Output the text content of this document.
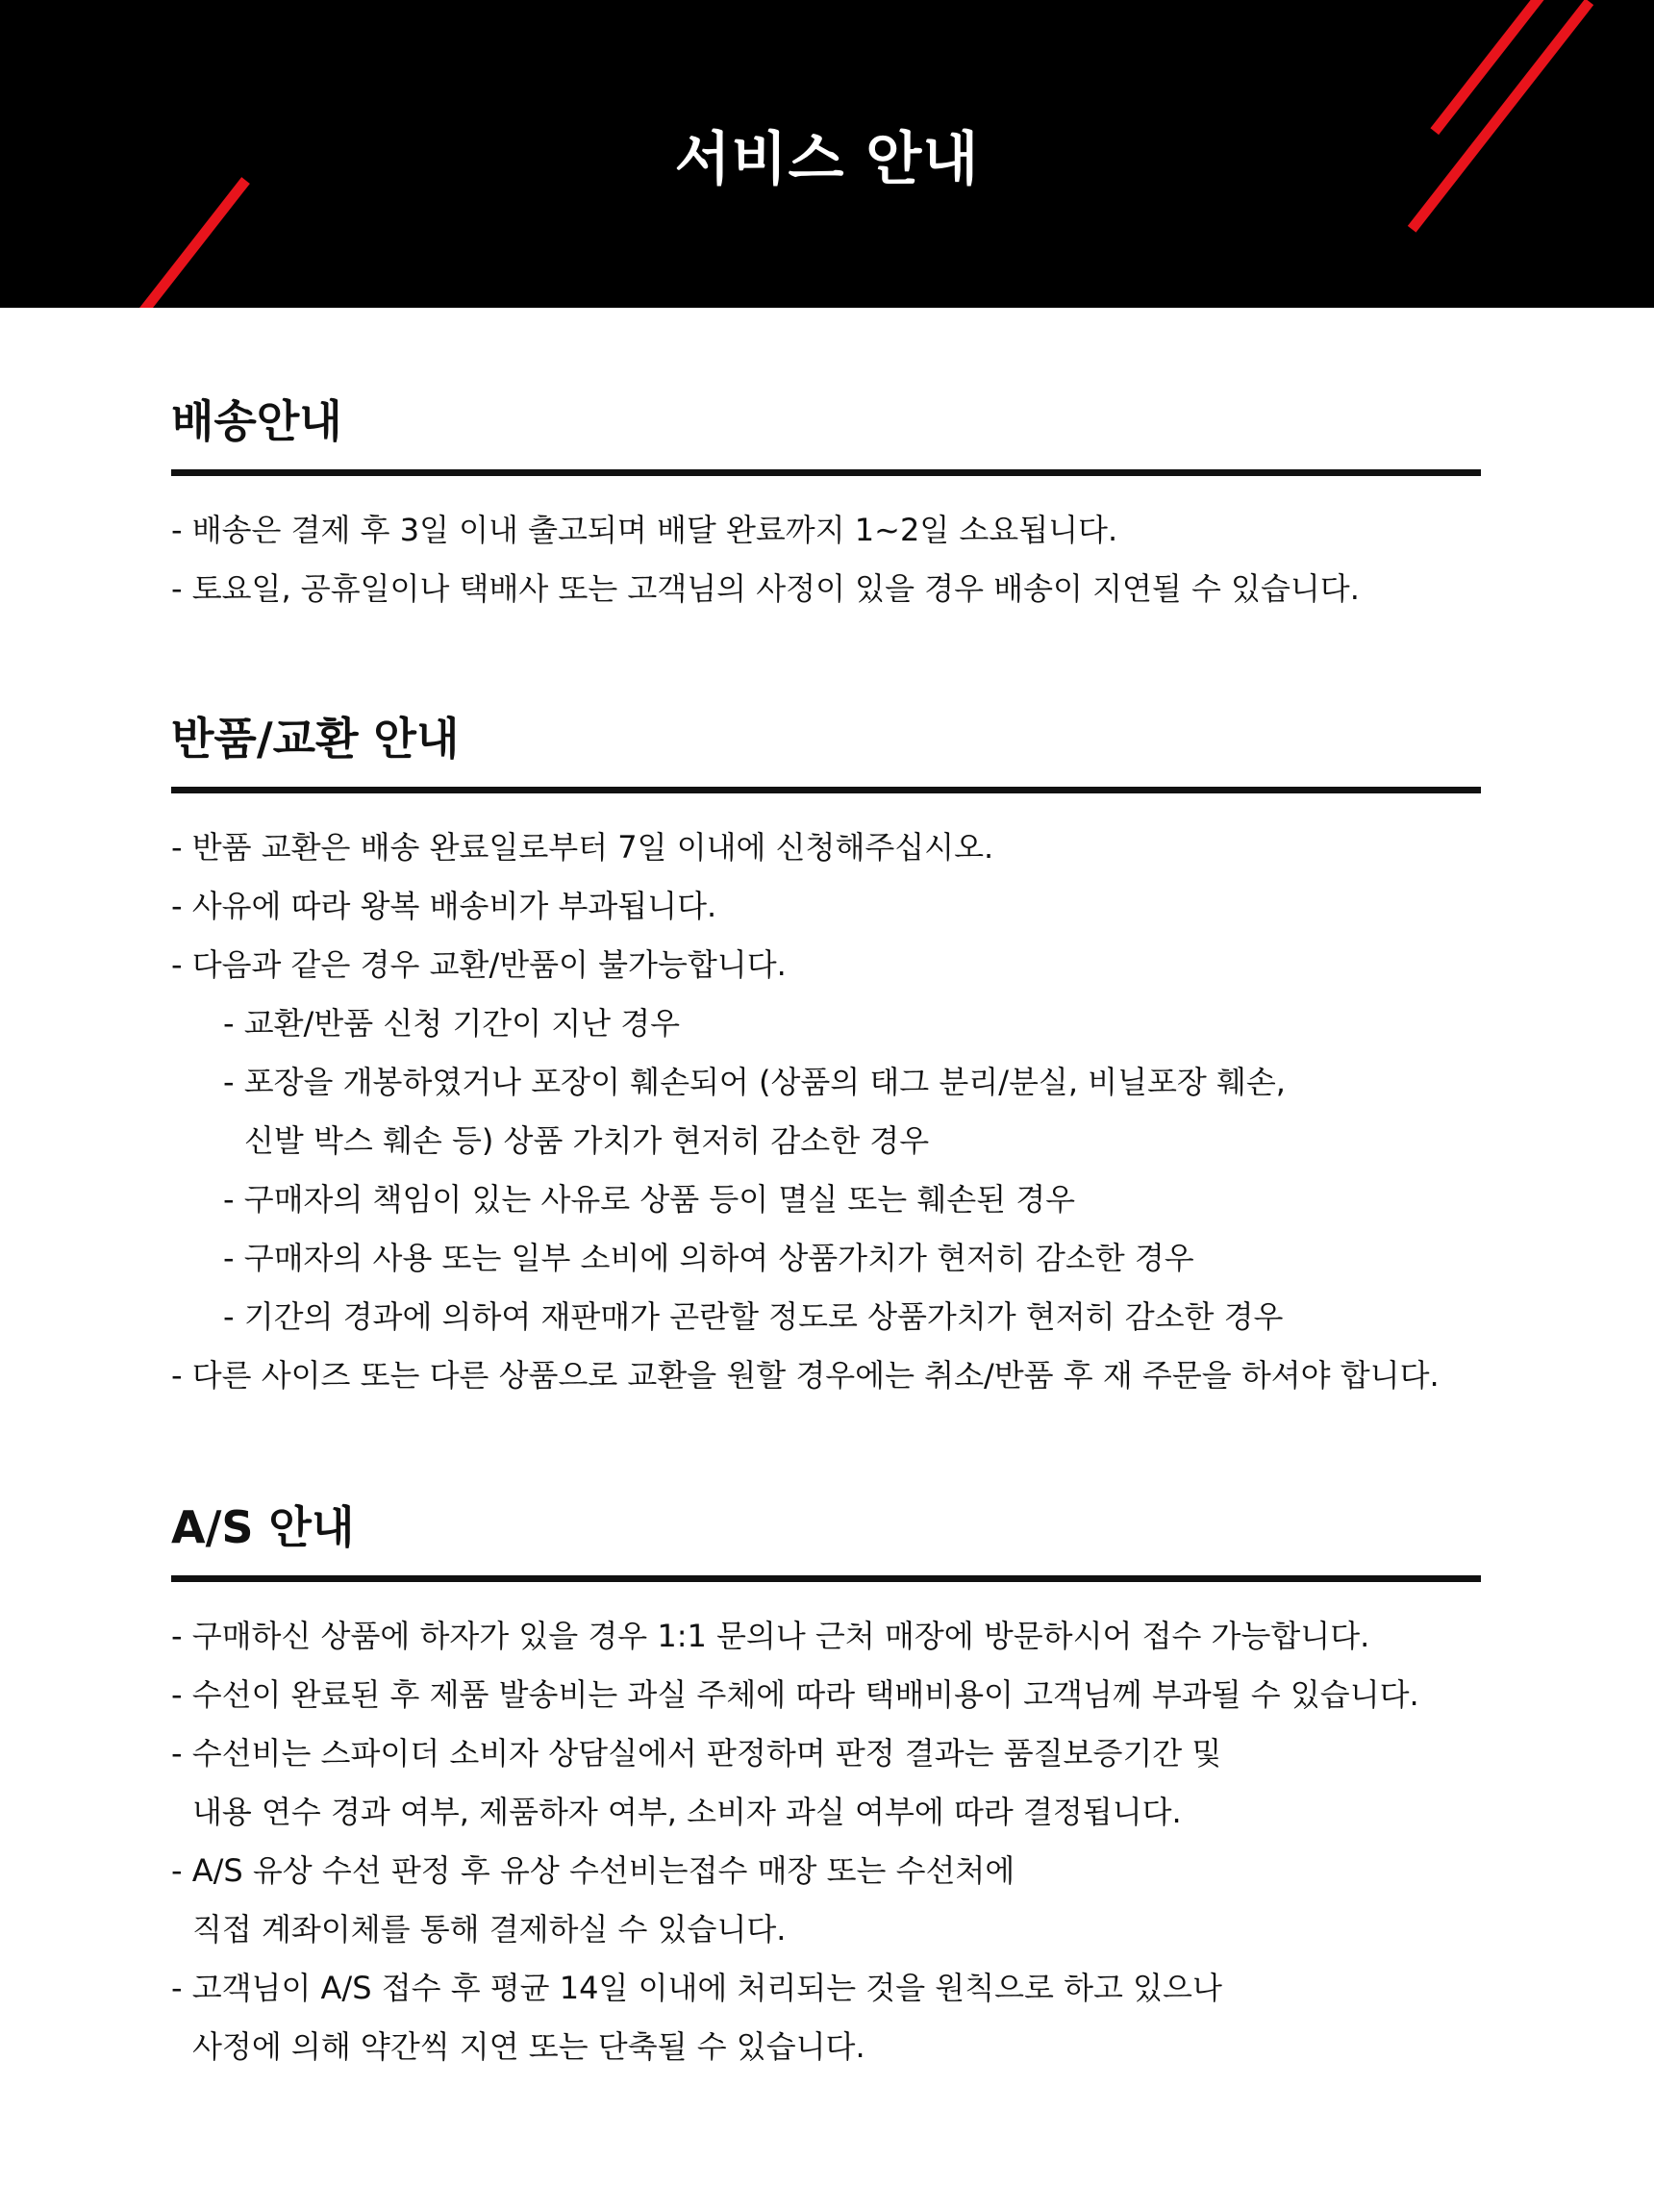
서비스 안내
배송안내
- 배송은 결제 후 3일 이내 출고되며 배달 완료까지 1~2일 소요됩니다.
- 토요일, 공휴일이나 택배사 또는 고객님의 사정이 있을 경우 배송이 지연될 수 있습니다.
반품/교환 안내
- 반품 교환은 배송 완료일로부터 7일 이내에 신청해주십시오.
- 사유에 따라 왕복 배송비가 부과됩니다.
- 다음과 같은 경우 교환/반품이 불가능합니다.
- 교환/반품 신청 기간이 지난 경우
- 포장을 개봉하였거나 포장이 훼손되어 (상품의 태그 분리/분실, 비닐포장 훼손,
신발 박스 훼손 등) 상품 가치가 현저히 감소한 경우
- 구매자의 책임이 있는 사유로 상품 등이 멸실 또는 훼손된 경우
- 구매자의 사용 또는 일부 소비에 의하여 상품가치가 현저히 감소한 경우
- 기간의 경과에 의하여 재판매가 곤란할 정도로 상품가치가 현저히 감소한 경우
- 다른 사이즈 또는 다른 상품으로 교환을 원할 경우에는 취소/반품 후 재 주문을 하셔야 합니다.
A/S 안내
- 구매하신 상품에 하자가 있을 경우 1:1 문의나 근처 매장에 방문하시어 접수 가능합니다.
- 수선이 완료된 후 제품 발송비는 과실 주체에 따라 택배비용이 고객님께 부과될 수 있습니다.
- 수선비는 스파이더 소비자 상담실에서 판정하며 판정 결과는 품질보증기간 및
내용 연수 경과 여부, 제품하자 여부, 소비자 과실 여부에 따라 결정됩니다.
- A/S 유상 수선 판정 후 유상 수선비는접수 매장 또는 수선처에
직접 계좌이체를 통해 결제하실 수 있습니다.
- 고객님이 A/S 접수 후 평균 14일 이내에 처리되는 것을 원칙으로 하고 있으나
사정에 의해 약간씩 지연 또는 단축될 수 있습니다.
